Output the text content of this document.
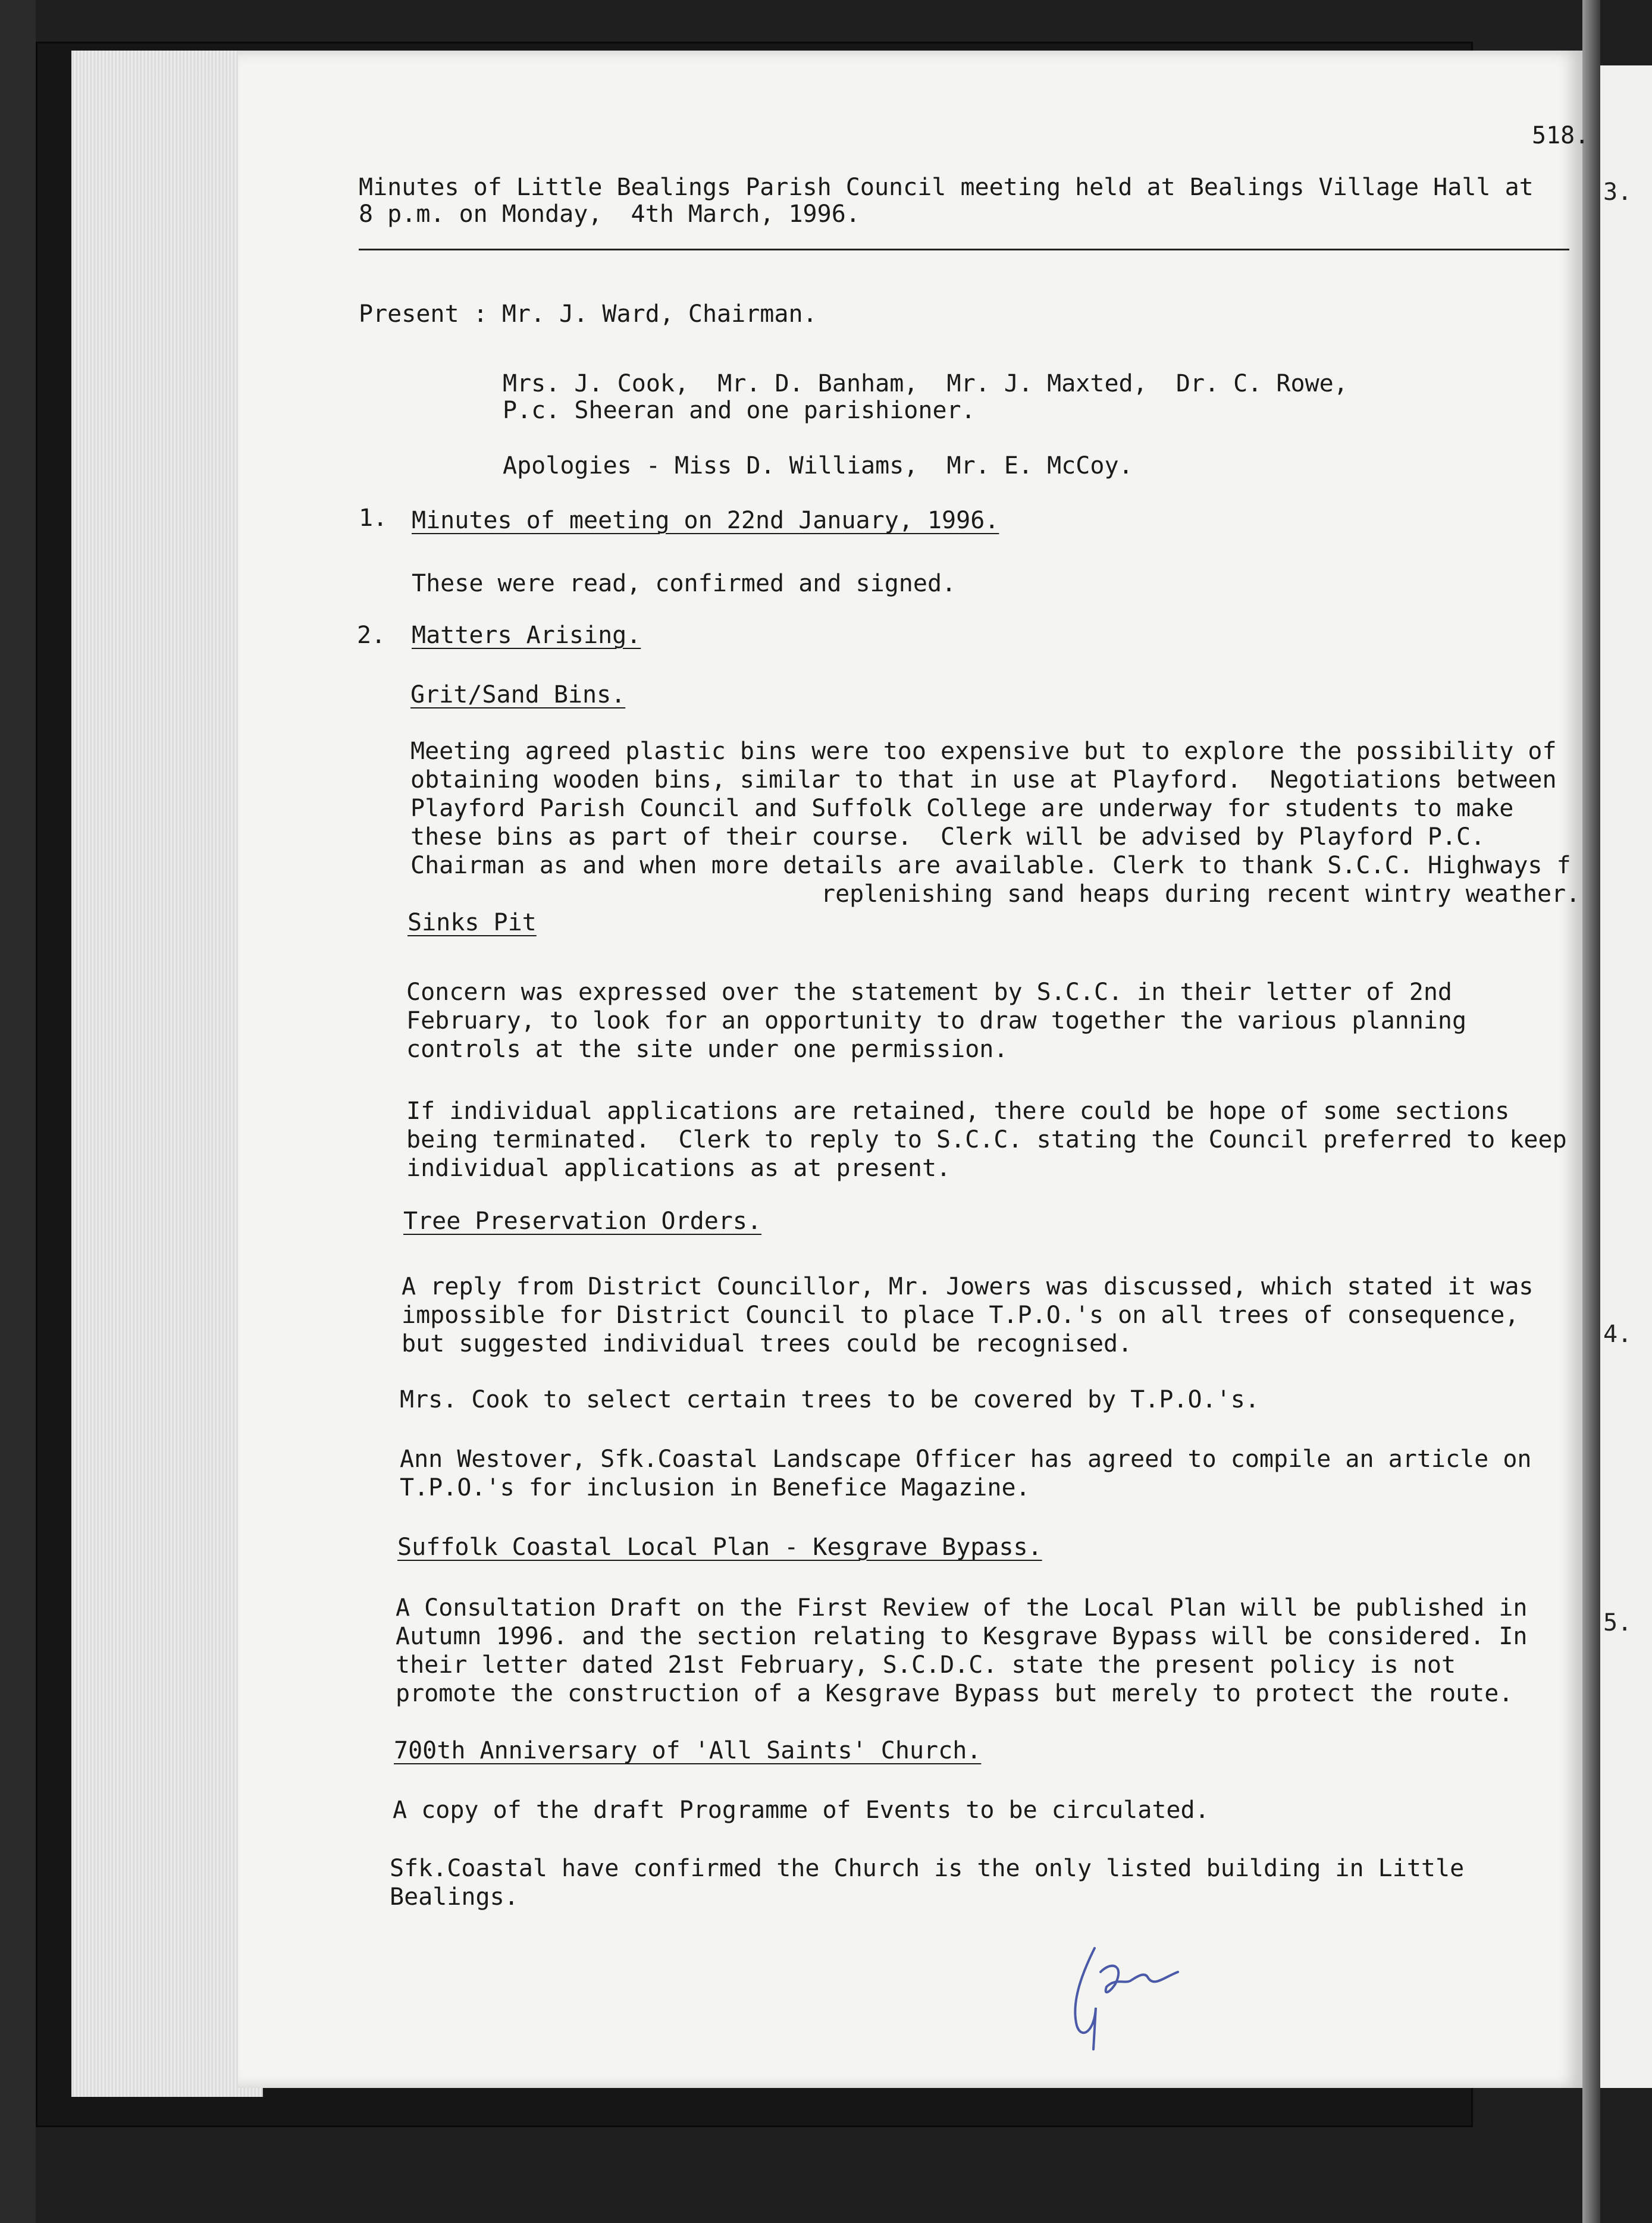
518.
Minutes of Little Bealings Parish Council meeting held at Bealings Village Hall at
8 p.m. on Monday,  4th March, 1996.
Present : Mr. J. Ward, Chairman.
Mrs. J. Cook,  Mr. D. Banham,  Mr. J. Maxted,  Dr. C. Rowe,
P.c. Sheeran and one parishioner.
Apologies - Miss D. Williams,  Mr. E. McCoy.
1. Minutes of meeting on 22nd January, 1996.
These were read, confirmed and signed.
2. Matters Arising.
Grit/Sand Bins.
Meeting agreed plastic bins were too expensive but to explore the possibility of
obtaining wooden bins, similar to that in use at Playford.  Negotiations between
Playford Parish Council and Suffolk College are underway for students to make
these bins as part of their course.  Clerk will be advised by Playford P.C.
Chairman as and when more details are available. Clerk to thank S.C.C. Highways f
replenishing sand heaps during recent wintry weather.
Sinks Pit
Concern was expressed over the statement by S.C.C. in their letter of 2nd
February, to look for an opportunity to draw together the various planning
controls at the site under one permission.
If individual applications are retained, there could be hope of some sections
being terminated.  Clerk to reply to S.C.C. stating the Council preferred to keep
individual applications as at present.
Tree Preservation Orders.
A reply from District Councillor, Mr. Jowers was discussed, which stated it was
impossible for District Council to place T.P.O.'s on all trees of consequence,
but suggested individual trees could be recognised.
Mrs. Cook to select certain trees to be covered by T.P.O.'s.
Ann Westover, Sfk.Coastal Landscape Officer has agreed to compile an article on
T.P.O.'s for inclusion in Benefice Magazine.
Suffolk Coastal Local Plan - Kesgrave Bypass.
A Consultation Draft on the First Review of the Local Plan will be published in
Autumn 1996. and the section relating to Kesgrave Bypass will be considered. In
their letter dated 21st February, S.C.D.C. state the present policy is not
promote the construction of a Kesgrave Bypass but merely to protect the route.
700th Anniversary of 'All Saints' Church.
A copy of the draft Programme of Events to be circulated.
Sfk.Coastal have confirmed the Church is the only listed building in Little
Bealings.
3.
4.
5.
